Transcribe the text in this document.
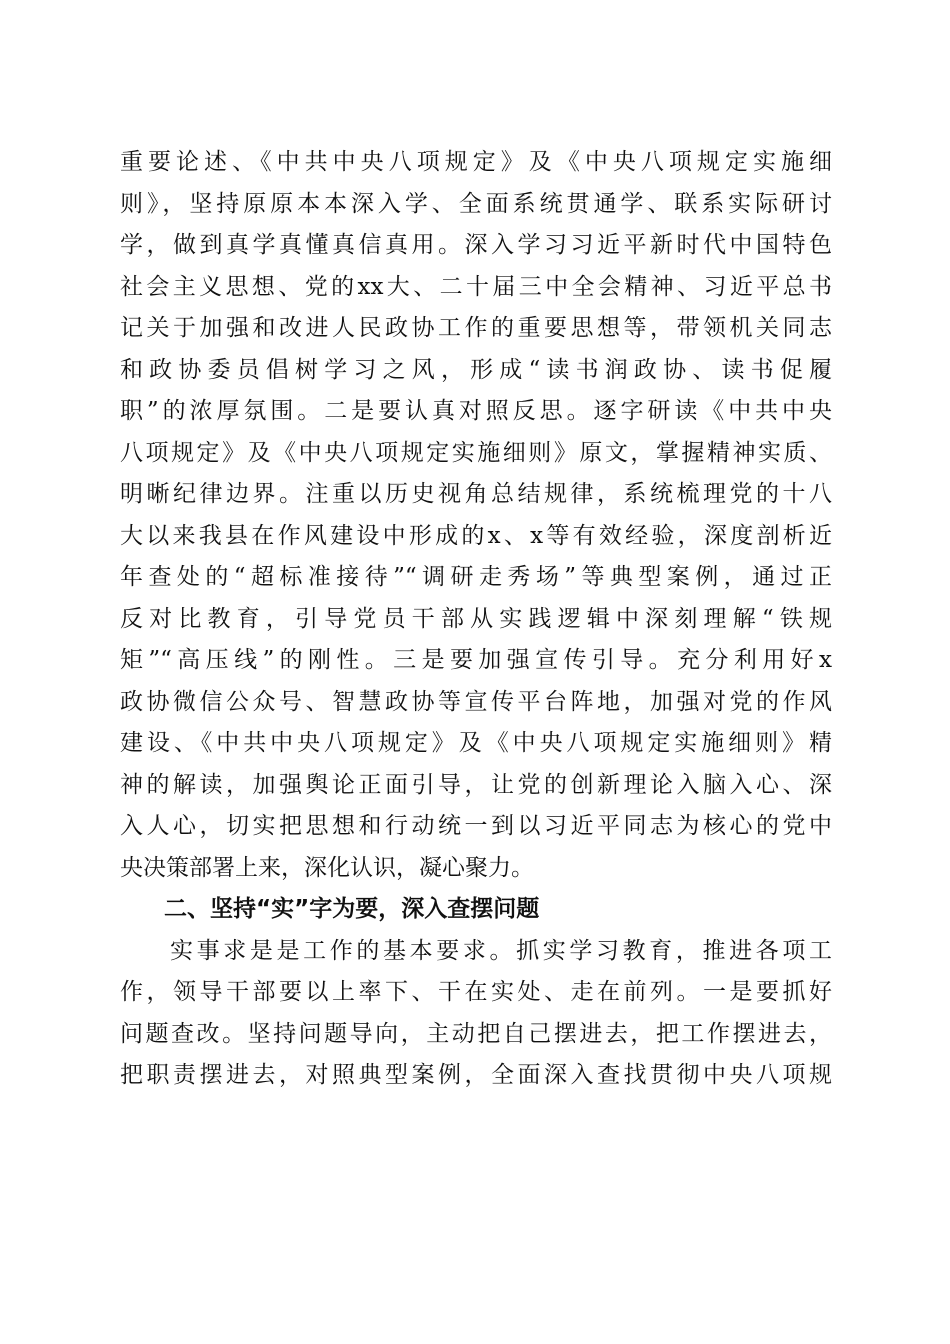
重要论述、《中共中央八项规定》及《中央八项规定实施细
则》，坚持原原本本深入学、全面系统贯通学、联系实际研讨
学，做到真学真懂真信真用。深入学习习近平新时代中国特色
社会主义思想、党的xx大、二十届三中全会精神、习近平总书
记关于加强和改进人民政协工作的重要思想等，带领机关同志
和政协委员倡树学习之风，形成“读书润政协、读书促履
职”的浓厚氛围。二是要认真对照反思。逐字研读《中共中央
八项规定》及《中央八项规定实施细则》原文，掌握精神实质、
明晰纪律边界。注重以历史视角总结规律，系统梳理党的十八
大以来我县在作风建设中形成的x、x等有效经验，深度剖析近
年查处的“超标准接待”“调研走秀场”等典型案例，通过正
反对比教育，引导党员干部从实践逻辑中深刻理解“铁规
矩”“高压线”的刚性。三是要加强宣传引导。充分利用好x
政协微信公众号、智慧政协等宣传平台阵地，加强对党的作风
建设、《中共中央八项规定》及《中央八项规定实施细则》精
神的解读，加强舆论正面引导，让党的创新理论入脑入心、深
入人心，切实把思想和行动统一到以习近平同志为核心的党中
央决策部署上来，深化认识，凝心聚力。
二、坚持“实”字为要，深入查摆问题
实事求是是工作的基本要求。抓实学习教育，推进各项工
作，领导干部要以上率下、干在实处、走在前列。一是要抓好
问题查改。坚持问题导向，主动把自己摆进去，把工作摆进去，
把职责摆进去，对照典型案例，全面深入查找贯彻中央八项规
